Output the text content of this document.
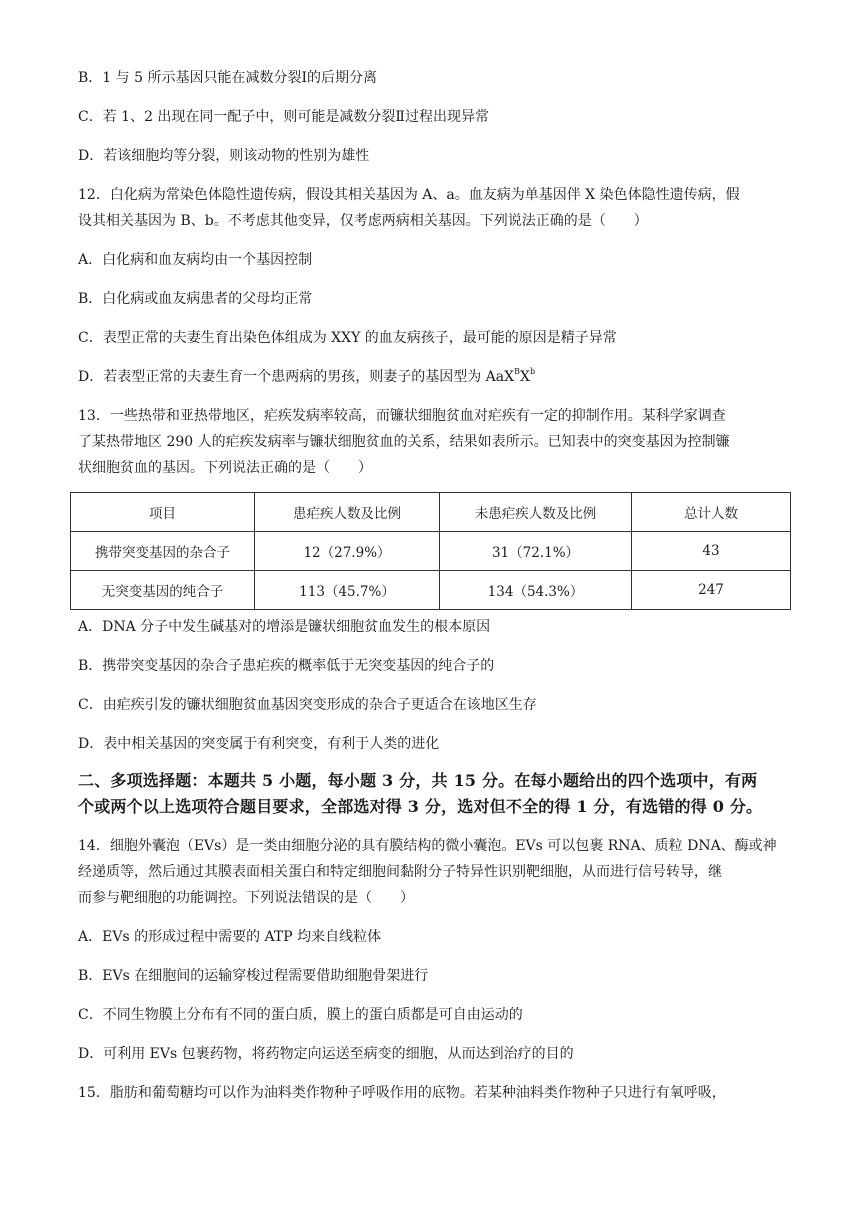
B．1 与 5 所示基因只能在减数分裂Ⅰ的后期分离
C．若 1、2 出现在同一配子中，则可能是减数分裂Ⅱ过程出现异常
D．若该细胞均等分裂，则该动物的性别为雄性
12．白化病为常染色体隐性遗传病，假设其相关基因为 A、a。血友病为单基因伴 X 染色体隐性遗传病，假
设其相关基因为 B、b。不考虑其他变异，仅考虑两病相关基因。下列说法正确的是（　　）
A．白化病和血友病均由一个基因控制
B．白化病或血友病患者的父母均正常
C．表型正常的夫妻生育出染色体组成为 XXY 的血友病孩子，最可能的原因是精子异常
D．若表型正常的夫妻生育一个患两病的男孩，则妻子的基因型为 $AaX^BX^b$
13．一些热带和亚热带地区，疟疾发病率较高，而镰状细胞贫血对疟疾有一定的抑制作用。某科学家调查
了某热带地区 290 人的疟疾发病率与镰状细胞贫血的关系，结果如表所示。已知表中的突变基因为控制镰
状细胞贫血的基因。下列说法正确的是（　　）
项目	患疟疾人数及比例	未患疟疾人数及比例	总计人数
携带突变基因的杂合子	12（27.9%）	31（72.1%）	43
无突变基因的纯合子	113（45.7%）	134（54.3%）	247
A．DNA 分子中发生碱基对的增添是镰状细胞贫血发生的根本原因
B．携带突变基因的杂合子患疟疾的概率低于无突变基因的纯合子的
C．由疟疾引发的镰状细胞贫血基因突变形成的杂合子更适合在该地区生存
D．表中相关基因的突变属于有利突变，有利于人类的进化
二、多项选择题：本题共 5 小题，每小题 3 分，共 15 分。在每小题给出的四个选项中，有两
个或两个以上选项符合题目要求，全部选对得 3 分，选对但不全的得 1 分，有选错的得 0 分。
14．细胞外囊泡（EVs）是一类由细胞分泌的具有膜结构的微小囊泡。EVs 可以包裹 RNA、质粒 DNA、酶或神
经递质等，然后通过其膜表面相关蛋白和特定细胞间黏附分子特异性识别靶细胞，从而进行信号转导，继
而参与靶细胞的功能调控。下列说法错误的是（　　）
A．EVs 的形成过程中需要的 ATP 均来自线粒体
B．EVs 在细胞间的运输穿梭过程需要借助细胞骨架进行
C．不同生物膜上分布有不同的蛋白质，膜上的蛋白质都是可自由运动的
D．可利用 EVs 包裹药物，将药物定向运送至病变的细胞，从而达到治疗的目的
15．脂肪和葡萄糖均可以作为油料类作物种子呼吸作用的底物。若某种油料类作物种子只进行有氧呼吸，
